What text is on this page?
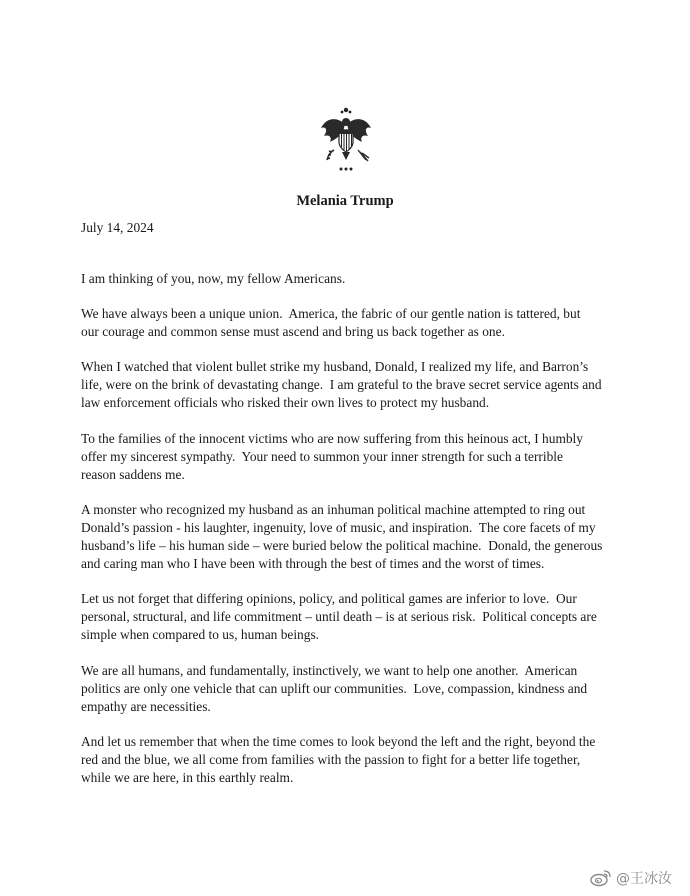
Melania Trump
July 14, 2024
I am thinking of you, now, my fellow Americans.
We have always been a unique union.  America, the fabric of our gentle nation is tattered, but
our courage and common sense must ascend and bring us back together as one.
When I watched that violent bullet strike my husband, Donald, I realized my life, and Barron’s
life, were on the brink of devastating change.  I am grateful to the brave secret service agents and
law enforcement officials who risked their own lives to protect my husband.
To the families of the innocent victims who are now suffering from this heinous act, I humbly
offer my sincerest sympathy.  Your need to summon your inner strength for such a terrible
reason saddens me.
A monster who recognized my husband as an inhuman political machine attempted to ring out
Donald’s passion - his laughter, ingenuity, love of music, and inspiration.  The core facets of my
husband’s life – his human side – were buried below the political machine.  Donald, the generous
and caring man who I have been with through the best of times and the worst of times.
Let us not forget that differing opinions, policy, and political games are inferior to love.  Our
personal, structural, and life commitment – until death – is at serious risk.  Political concepts are
simple when compared to us, human beings.
We are all humans, and fundamentally, instinctively, we want to help one another.  American
politics are only one vehicle that can uplift our communities.  Love, compassion, kindness and
empathy are necessities.
And let us remember that when the time comes to look beyond the left and the right, beyond the
red and the blue, we all come from families with the passion to fight for a better life together,
while we are here, in this earthly realm.
@王冰汝
